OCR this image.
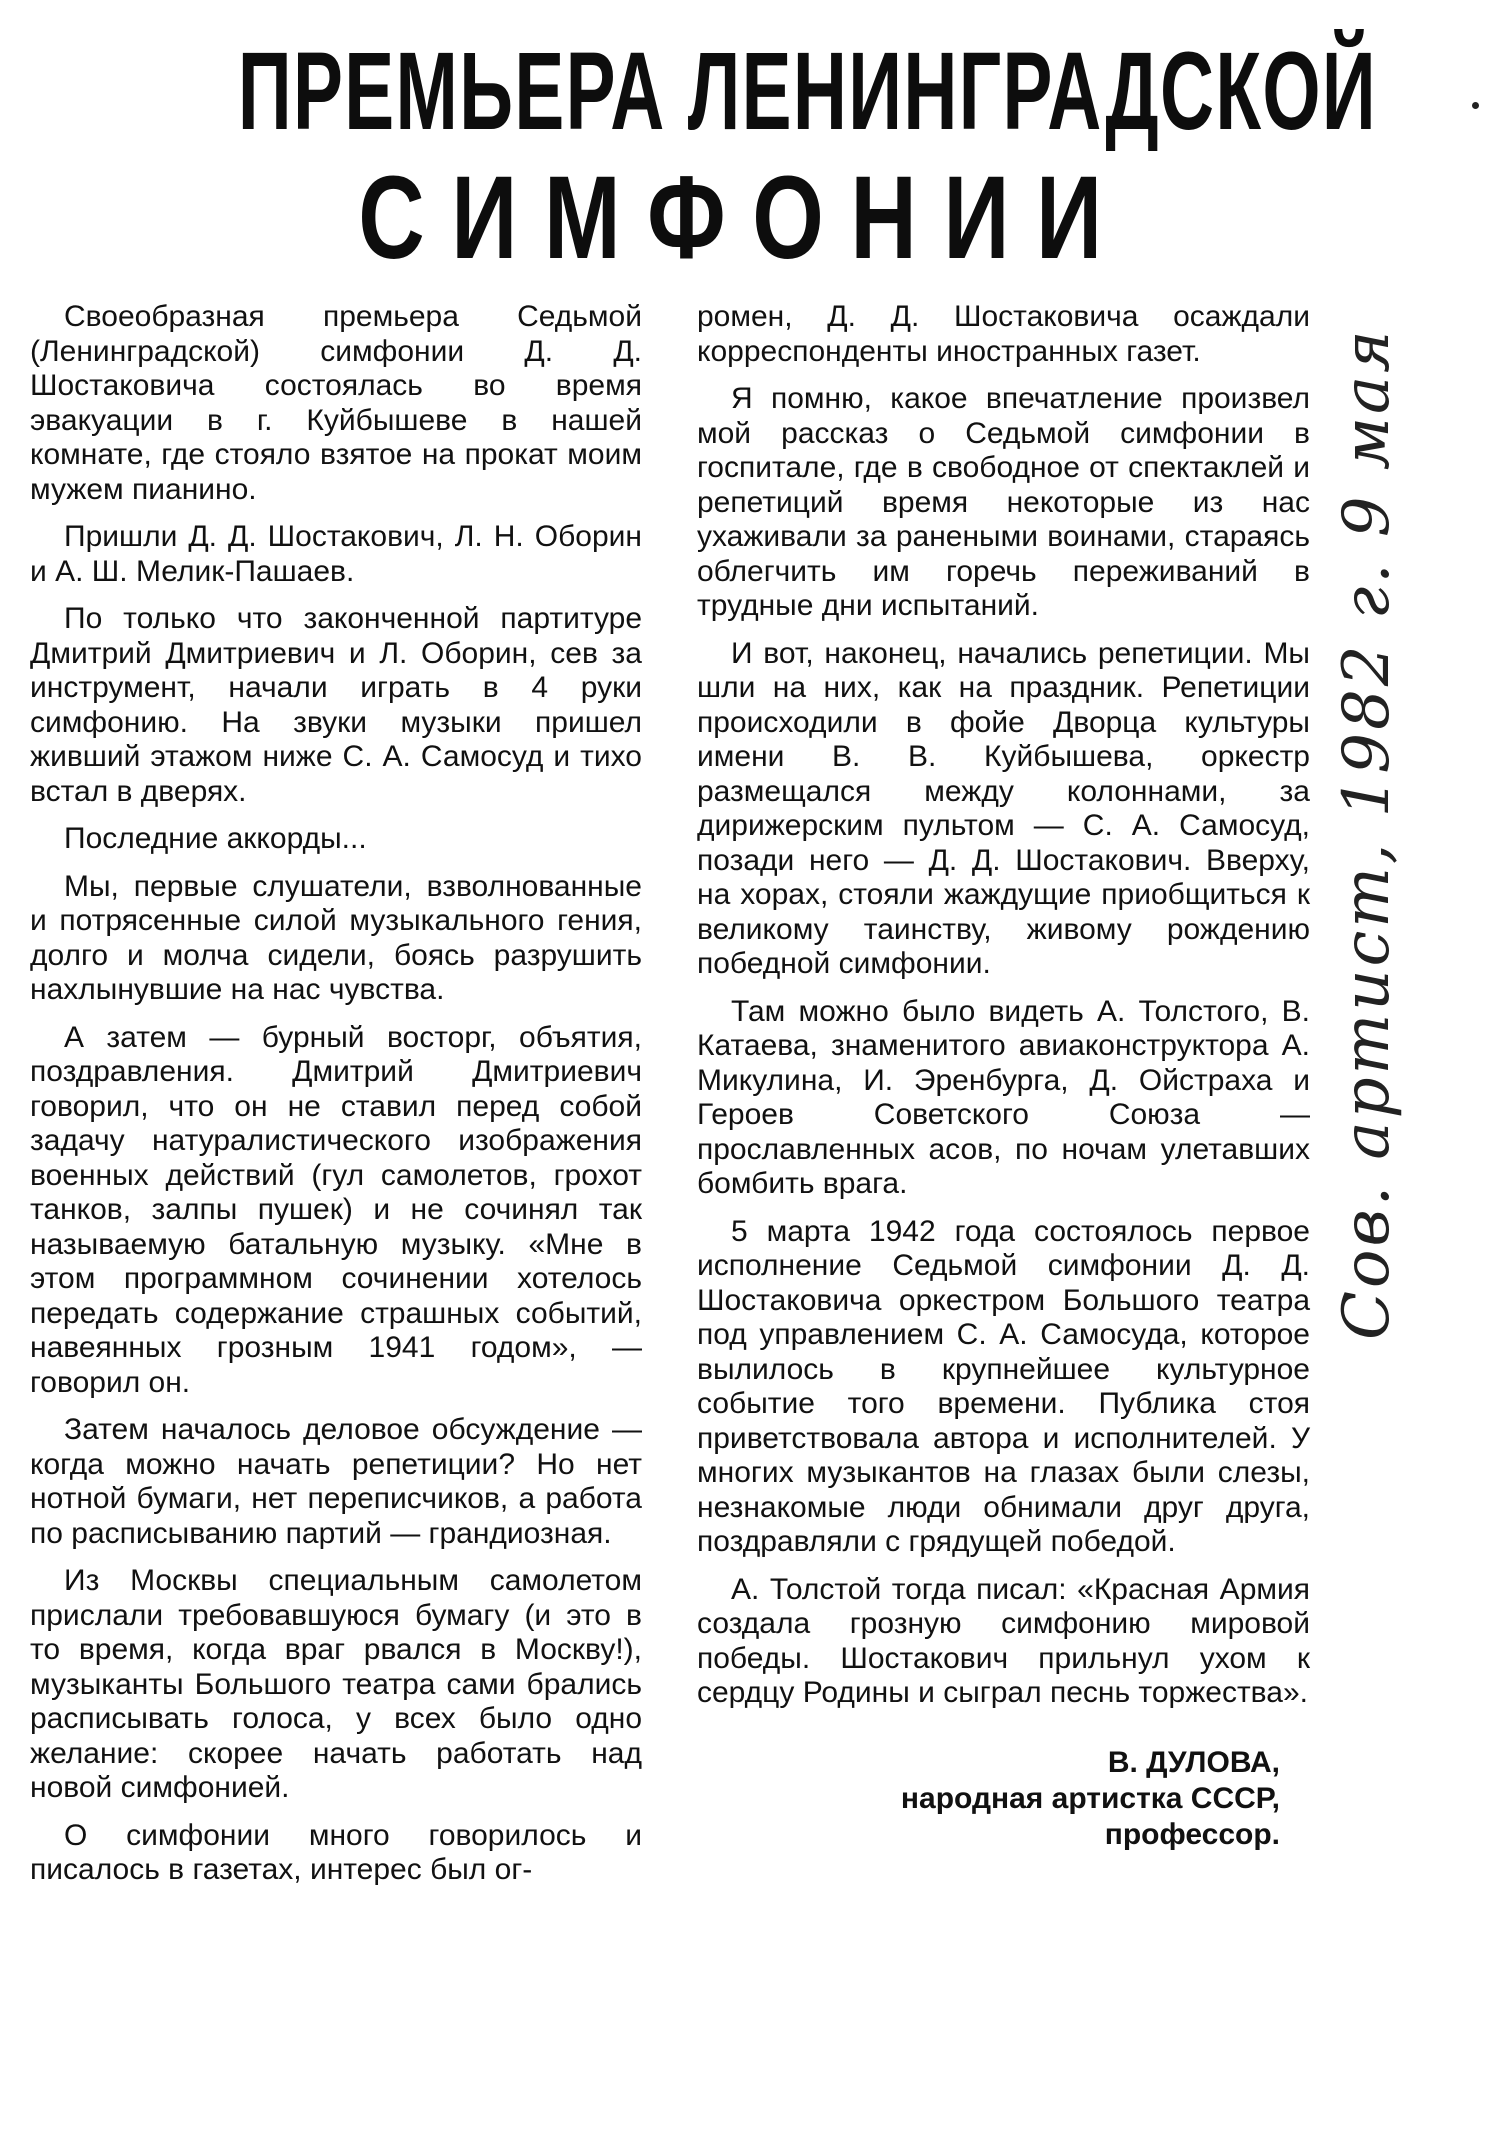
ПРЕМЬЕРА ЛЕНИНГРАДСКОЙ
СИМФОНИИ

Своеобразная премьера Седьмой (Ленинградской) симфонии Д. Д. Шостаковича состоялась во время эвакуации в г. Куйбышеве в нашей комнате, где стояло взятое на прокат моим мужем пианино.

Пришли Д. Д. Шостакович, Л. Н. Оборин и А. Ш. Мелик-Пашаев.

По только что законченной партитуре Дмитрий Дмитриевич и Л. Оборин, сев за инструмент, начали играть в 4 руки симфонию. На звуки музыки пришел живший этажом ниже С. А. Самосуд и тихо встал в дверях.

Последние аккорды...

Мы, первые слушатели, взволнованные и потрясенные силой музыкального гения, долго и молча сидели, боясь разрушить нахлынувшие на нас чувства.

А затем — бурный восторг, объятия, поздравления. Дмитрий Дмитриевич говорил, что он не ставил перед собой задачу натуралистического изображения военных действий (гул самолетов, грохот танков, залпы пушек) и не сочинял так называемую батальную музыку. «Мне в этом программном сочинении хотелось передать содержание страшных событий, навеянных грозным 1941 годом», — говорил он.

Затем началось деловое обсуждение — когда можно начать репетиции? Но нет нотной бумаги, нет переписчиков, а работа по расписыванию партий — грандиозная.

Из Москвы специальным самолетом прислали требовавшуюся бумагу (и это в то время, когда враг рвался в Москву!), музыканты Большого театра сами брались расписывать голоса, у всех было одно желание: скорее начать работать над новой симфонией.

О симфонии много говорилось и писалось в газетах, интерес был ог-

ромен, Д. Д. Шостаковича осаждали корреспонденты иностранных газет.

Я помню, какое впечатление произвел мой рассказ о Седьмой симфонии в госпитале, где в свободное от спектаклей и репетиций время некоторые из нас ухаживали за ранеными воинами, стараясь облегчить им горечь переживаний в трудные дни испытаний.

И вот, наконец, начались репетиции. Мы шли на них, как на праздник. Репетиции происходили в фойе Дворца культуры имени В. В. Куйбышева, оркестр размещался между колоннами, за дирижерским пультом — С. А. Самосуд, позади него — Д. Д. Шостакович. Вверху, на хорах, стояли жаждущие приобщиться к великому таинству, живому рождению победной симфонии.

Там можно было видеть А. Толстого, В. Катаева, знаменитого авиаконструктора А. Микулина, И. Эренбурга, Д. Ойстраха и Героев Советского Союза — прославленных асов, по ночам улетавших бомбить врага.

5 марта 1942 года состоялось первое исполнение Седьмой симфонии Д. Д. Шостаковича оркестром Большого театра под управлением С. А. Самосуда, которое вылилось в крупнейшее культурное событие того времени. Публика стоя приветствовала автора и исполнителей. У многих музыкантов на глазах были слезы, незнакомые люди обнимали друг друга, поздравляли с грядущей победой.

А. Толстой тогда писал: «Красная Армия создала грозную симфонию мировой победы. Шостакович прильнул ухом к сердцу Родины и сыграл песнь торжества».

В. ДУЛОВА,
народная артистка СССР,
профессор.
Сов. артист, 1982 г. 9 мая
